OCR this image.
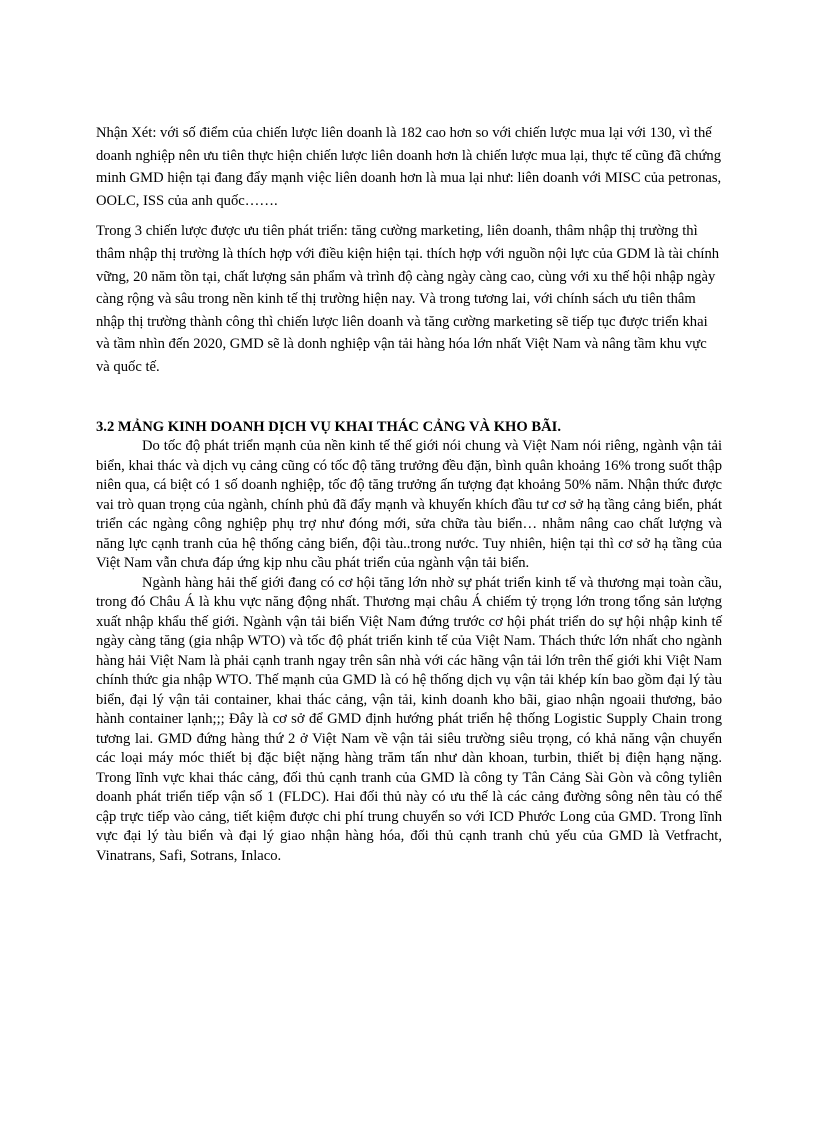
Nhận Xét: với số điểm của chiến lược liên doanh là 182 cao hơn so với chiến lược mua lại với 130, vì thế doanh nghiệp nên ưu tiên thực hiện chiến lược liên doanh hơn là chiến lược mua lại, thực tế cũng đã chứng minh GMD hiện tại đang đẩy mạnh việc liên doanh hơn là mua lại như: liên doanh với MISC của petronas, OOLC, ISS của anh quốc…….

Trong 3 chiến lược được ưu tiên phát triển: tăng cường marketing, liên doanh, thâm nhập thị trường thì thâm nhập thị trường là thích hợp với điều kiện hiện tại. thích hợp với nguồn nội lực của GDM là tài chính vững, 20 năm tồn tại, chất lượng sản phẩm và trình độ càng ngày càng cao, cùng với xu thế hội nhập ngày càng rộng và sâu trong nền kinh tế thị trường hiện nay. Và trong tương lai, với chính sách ưu tiên thâm nhập thị trường thành công thì chiến lược liên doanh và tăng cường marketing sẽ tiếp tục được triển khai và tầm nhìn đến 2020, GMD sẽ là donh nghiệp vận tải hàng hóa lớn nhất Việt Nam và nâng tầm khu vực và quốc tế.

3.2 MẢNG KINH DOANH DỊCH VỤ KHAI THÁC CẢNG VÀ KHO BÃI.

Do tốc độ phát triển mạnh của nền kinh tế thế giới nói chung và Việt Nam nói riêng, ngành vận tải biển, khai thác và dịch vụ cảng cũng có tốc độ tăng trưởng đều đặn, bình quân khoảng 16% trong suốt thập niên qua, cá biệt có 1 số doanh nghiệp, tốc độ tăng trưởng ấn tượng đạt khoảng 50% năm. Nhận thức được vai trò quan trọng của ngành, chính phủ đã đẩy mạnh và khuyến khích đầu tư cơ sở hạ tầng cảng biển, phát triển các ngàng công nghiệp phụ trợ như đóng mới, sửa chữa tàu biển… nhằm nâng cao chất lượng và năng lực cạnh tranh của hệ thống cảng biển, đội tàu..trong nước. Tuy nhiên, hiện tại thì cơ sở hạ tầng của Việt Nam vẫn chưa đáp ứng kịp nhu cầu phát triển của ngành vận tải biển.

Ngành hàng hải thế giới đang có cơ hội tăng lớn nhờ sự phát triển kinh tế và thương mại toàn cầu, trong đó Châu Á là khu vực năng động nhất. Thương mại châu Á chiếm tỷ trọng lớn trong tổng sản lượng xuất nhập khẩu thế giới. Ngành vận tải biển Việt Nam đứng trước cơ hội phát triển do sự hội nhập kinh tế ngày càng tăng (gia nhập WTO) và tốc độ phát triển kinh tế của Việt Nam. Thách thức lớn nhất cho ngành hàng hải Việt Nam là phải cạnh tranh ngay trên sân nhà với các hãng vận tải lớn trên thế giới khi Việt Nam chính thức gia nhập WTO. Thế mạnh của GMD là có hệ thống dịch vụ vận tải khép kín bao gồm đại lý tàu biển, đại lý vận tải container, khai thác cảng, vận tải, kinh doanh kho bãi, giao nhận ngoaii thương, bảo hành container lạnh;;; Đây là cơ sở để GMD định hướng phát triển hệ thống Logistic Supply Chain trong tương lai. GMD đứng hàng thứ 2 ở Việt Nam về vận tải siêu trường siêu trọng, có khả năng vận chuyển các loại máy móc thiết bị đặc biệt nặng hàng trăm tấn như dàn khoan, turbin, thiết bị điện hạng nặng. Trong lĩnh vực khai thác cảng, đối thủ cạnh tranh của GMD là công ty Tân Cảng Sài Gòn và công tyliên doanh phát triển tiếp vận số 1 (FLDC). Hai đối thủ này có ưu thế là các cảng đường sông nên tàu có thể cập trực tiếp vào cảng, tiết kiệm được chi phí trung chuyển so với ICD Phước Long của GMD. Trong lĩnh vực đại lý tàu biển và đại lý giao nhận hàng hóa, đối thủ cạnh tranh chủ yếu của GMD là Vetfracht, Vinatrans, Safi, Sotrans, Inlaco.
